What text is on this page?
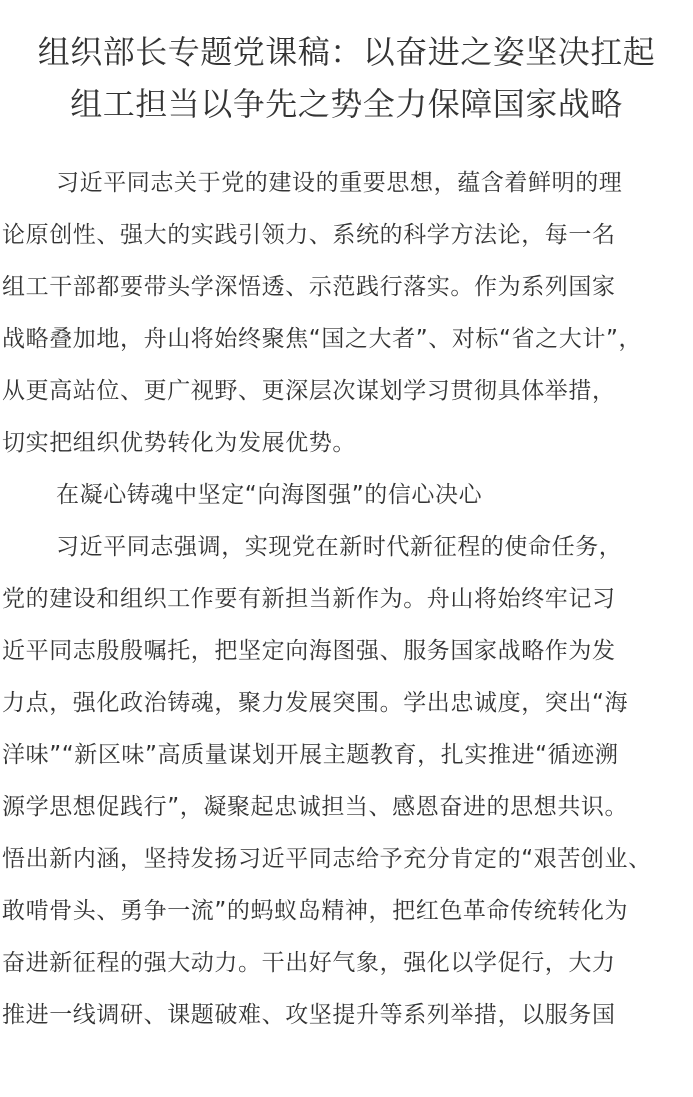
组织部长专题党课稿：以奋进之姿坚决扛起
组工担当以争先之势全力保障国家战略
习近平同志关于党的建设的重要思想，蕴含着鲜明的理
论原创性、强大的实践引领力、系统的科学方法论，每一名
组工干部都要带头学深悟透、示范践行落实。作为系列国家
战略叠加地，舟山将始终聚焦“国之大者”、对标“省之大计”，
从更高站位、更广视野、更深层次谋划学习贯彻具体举措，
切实把组织优势转化为发展优势。
在凝心铸魂中坚定“向海图强”的信心决心
习近平同志强调，实现党在新时代新征程的使命任务，
党的建设和组织工作要有新担当新作为。舟山将始终牢记习
近平同志殷殷嘱托，把坚定向海图强、服务国家战略作为发
力点，强化政治铸魂，聚力发展突围。学出忠诚度，突出“海
洋味”“新区味”高质量谋划开展主题教育，扎实推进“循迹溯
源学思想促践行”，凝聚起忠诚担当、感恩奋进的思想共识。
悟出新内涵，坚持发扬习近平同志给予充分肯定的“艰苦创业、
敢啃骨头、勇争一流”的蚂蚁岛精神，把红色革命传统转化为
奋进新征程的强大动力。干出好气象，强化以学促行，大力
推进一线调研、课题破难、攻坚提升等系列举措，以服务国
